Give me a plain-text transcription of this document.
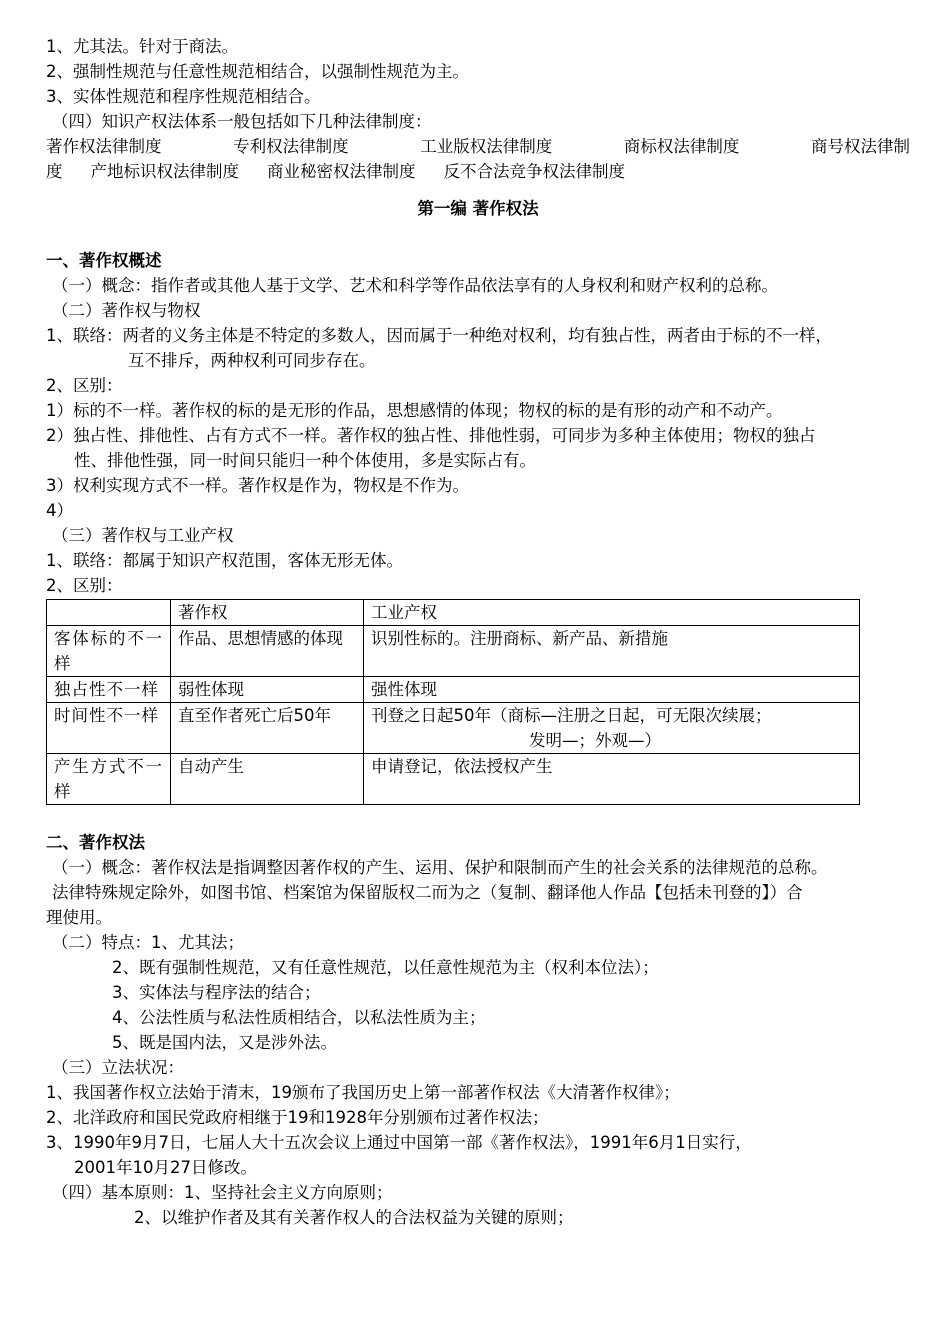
1、尤其法。针对于商法。
2、强制性规范与任意性规范相结合，以强制性规范为主。
3、实体性规范和程序性规范相结合。
（四）知识产权法体系一般包括如下几种法律制度：
著作权法律制度	专利权法律制度	工业版权法律制度	商标权法律制度	商号权法律制
度 产地标识权法律制度 商业秘密权法律制度 反不合法竞争权法律制度
第一编 著作权法
一、著作权概述
（一）概念：指作者或其他人基于文学、艺术和科学等作品依法享有的人身权利和财产权利的总称。
（二）著作权与物权
1、联络：两者的义务主体是不特定的多数人，因而属于一种绝对权利，均有独占性，两者由于标的不一样，
互不排斥，两种权利可同步存在。
2、区别：
1）标的不一样。著作权的标的是无形的作品，思想感情的体现；物权的标的是有形的动产和不动产。
2）独占性、排他性、占有方式不一样。著作权的独占性、排他性弱，可同步为多种主体使用；物权的独占
性、排他性强，同一时间只能归一种个体使用，多是实际占有。
3）权利实现方式不一样。著作权是作为，物权是不作为。
4）
（三）著作权与工业产权
1、联络：都属于知识产权范围，客体无形无体。
2、区别：
	著作权	工业产权
客体标的不一样	作品、思想情感的体现	识别性标的。注册商标、新产品、新措施
独占性不一样	弱性体现	强性体现
时间性不一样	直至作者死亡后50年	刊登之日起50年（商标—注册之日起，可无限次续展；
发明—；外观—）

产生方式不一样	自动产生	申请登记，依法授权产生
二、著作权法
（一）概念：著作权法是指调整因著作权的产生、运用、保护和限制而产生的社会关系的法律规范的总称。
法律特殊规定除外，如图书馆、档案馆为保留版权二而为之（复制、翻译他人作品【包括未刊登的】）合
理使用。
（二）特点：1、尤其法；
2、既有强制性规范，又有任意性规范，以任意性规范为主（权利本位法）；
3、实体法与程序法的结合；
4、公法性质与私法性质相结合，以私法性质为主；
5、既是国内法，又是涉外法。
（三）立法状况：
1、我国著作权立法始于清末，19颁布了我国历史上第一部著作权法《大清著作权律》；
2、北洋政府和国民党政府相继于19和1928年分别颁布过著作权法；
3、1990年9月7日，七届人大十五次会议上通过中国第一部《著作权法》，1991年6月1日实行，
2001年10月27日修改。
（四）基本原则：1、坚持社会主义方向原则；
2、以维护作者及其有关著作权人的合法权益为关键的原则；
